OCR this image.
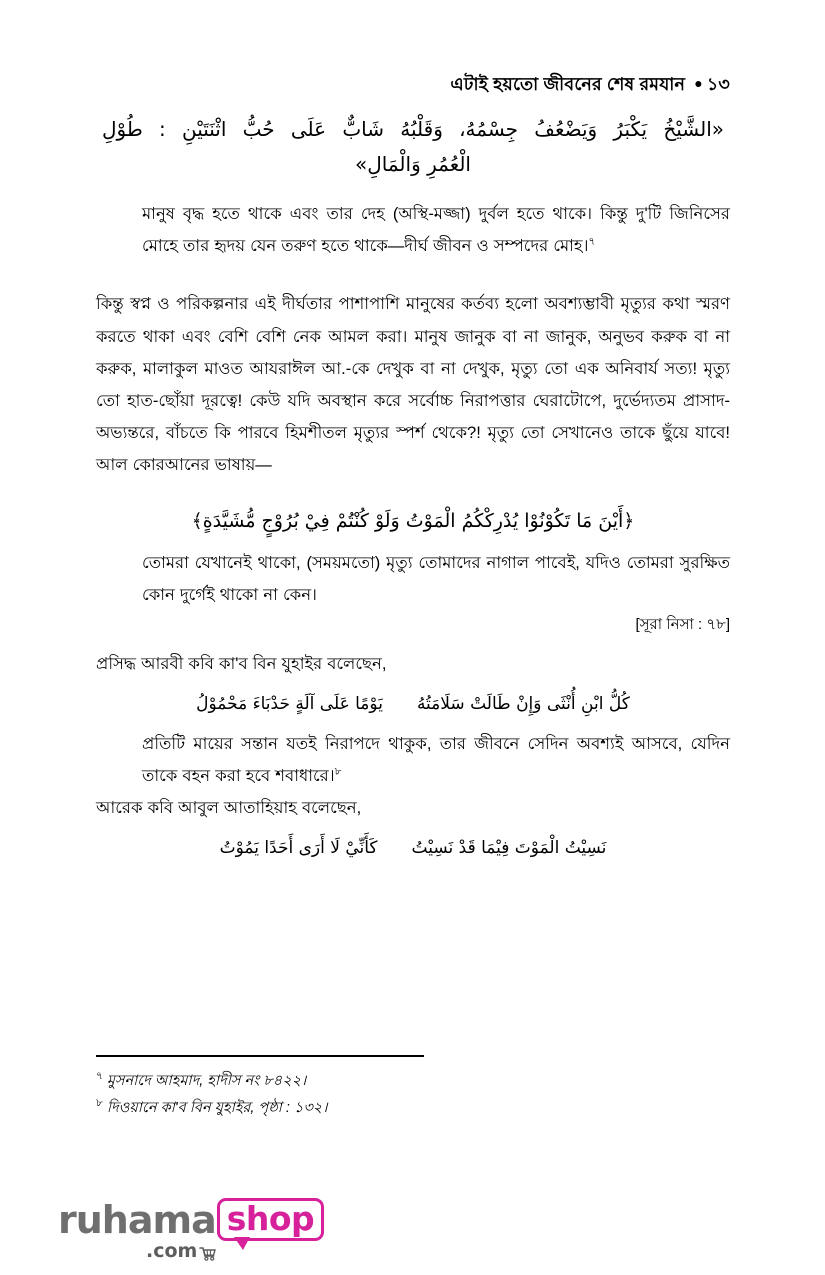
এটাই হয়তো জীবনের শেষ রমযান ● ১৩
«الشَّيْخُ يَكْبَرُ وَيَضْعُفُ جِسْمُهُ، وَقَلْبُهُ شَابٌّ عَلَى حُبُّ اثْنَتَيْنِ : طُوْلِ
الْعُمُرِ وَالْمَالِ»
মানুষ বৃদ্ধ হতে থাকে এবং তার দেহ (অস্থি-মজ্জা) দুর্বল হতে থাকে। কিন্তু দু'টি জিনিসের মোহে তার হৃদয় যেন তরুণ হতে থাকে—দীর্ঘ জীবন ও সম্পদের মোহ।$^৭$
কিন্তু স্বপ্ন ও পরিকল্পনার এই দীর্ঘতার পাশাপাশি মানুষের কর্তব্য হলো অবশ্যম্ভাবী মৃত্যুর কথা স্মরণ করতে থাকা এবং বেশি বেশি নেক আমল করা। মানুষ জানুক বা না জানুক, অনুভব করুক বা না করুক, মালাকুল মাওত আযরাঈল আ.-কে দেখুক বা না দেখুক, মৃত্যু তো এক অনিবার্য সত্য! মৃত্যু তো হাত-ছোঁয়া দূরত্বে! কেউ যদি অবস্থান করে সর্বোচ্চ নিরাপত্তার ঘেরাটোপে, দুর্ভেদ্যতম প্রাসাদ-অভ্যন্তরে, বাঁচতে কি পারবে হিমশীতল মৃত্যুর স্পর্শ থেকে?! মৃত্যু তো সেখানেও তাকে ছুঁয়ে যাবে! আল কোরআনের ভাষায়—
﴿أَيْنَ مَا تَكُوْنُوْا يُدْرِكْكُمُ الْمَوْتُ وَلَوْ كُنْتُمْ فِيْ بُرُوْجٍ مُّشَيَّدَةٍ﴾
তোমরা যেখানেই থাকো, (সময়মতো) মৃত্যু তোমাদের নাগাল পাবেই, যদিও তোমরা সুরক্ষিত কোন দুর্গেই থাকো না কেন।
[সূরা নিসা : ৭৮]
প্রসিদ্ধ আরবী কবি কা'ব বিন যুহাইর বলেছেন,
كُلُّ ابْنِ أُنْثَى وَإِنْ طَالَتْ سَلَامَتُهُيَوْمًا عَلَى آلَةٍ حَدْبَاءَ مَحْمُوْلُ
প্রতিটি মায়ের সন্তান যতই নিরাপদে থাকুক, তার জীবনে সেদিন অবশ্যই আসবে, যেদিন তাকে বহন করা হবে শবাধারে।$^৮$
আরেক কবি আবুল আতাহিয়াহ বলেছেন,
نَسِيْتُ الْمَوْتَ فِيْمَا قَدْ نَسِيْتُكَأَنِّيْ لَا أَرَى أَحَدًا يَمُوْتُ
$^৭$ মুসনাদে আহমাদ, হাদীস নং ৮৪২২।
$^৮$ দিওয়ানে কা'ব বিন যুহাইর, পৃষ্ঠা : ১৩২।
ruhama shop
.com
